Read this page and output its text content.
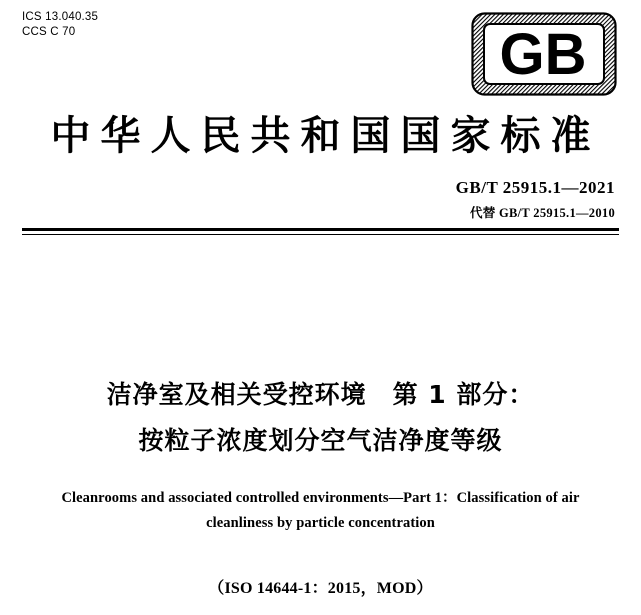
ICS 13.040.35
CCS C 70	GB
中华人民共和国国家标准
GB/T 25915.1—2021
代替 GB/T 25915.1—2010
洁净室及相关受控环境　第 1 部分：
按粒子浓度划分空气洁净度等级
Cleanrooms and associated controlled environments—Part 1：Classification of air
cleanliness by particle concentration
（ISO 14644-1：2015，MOD）
